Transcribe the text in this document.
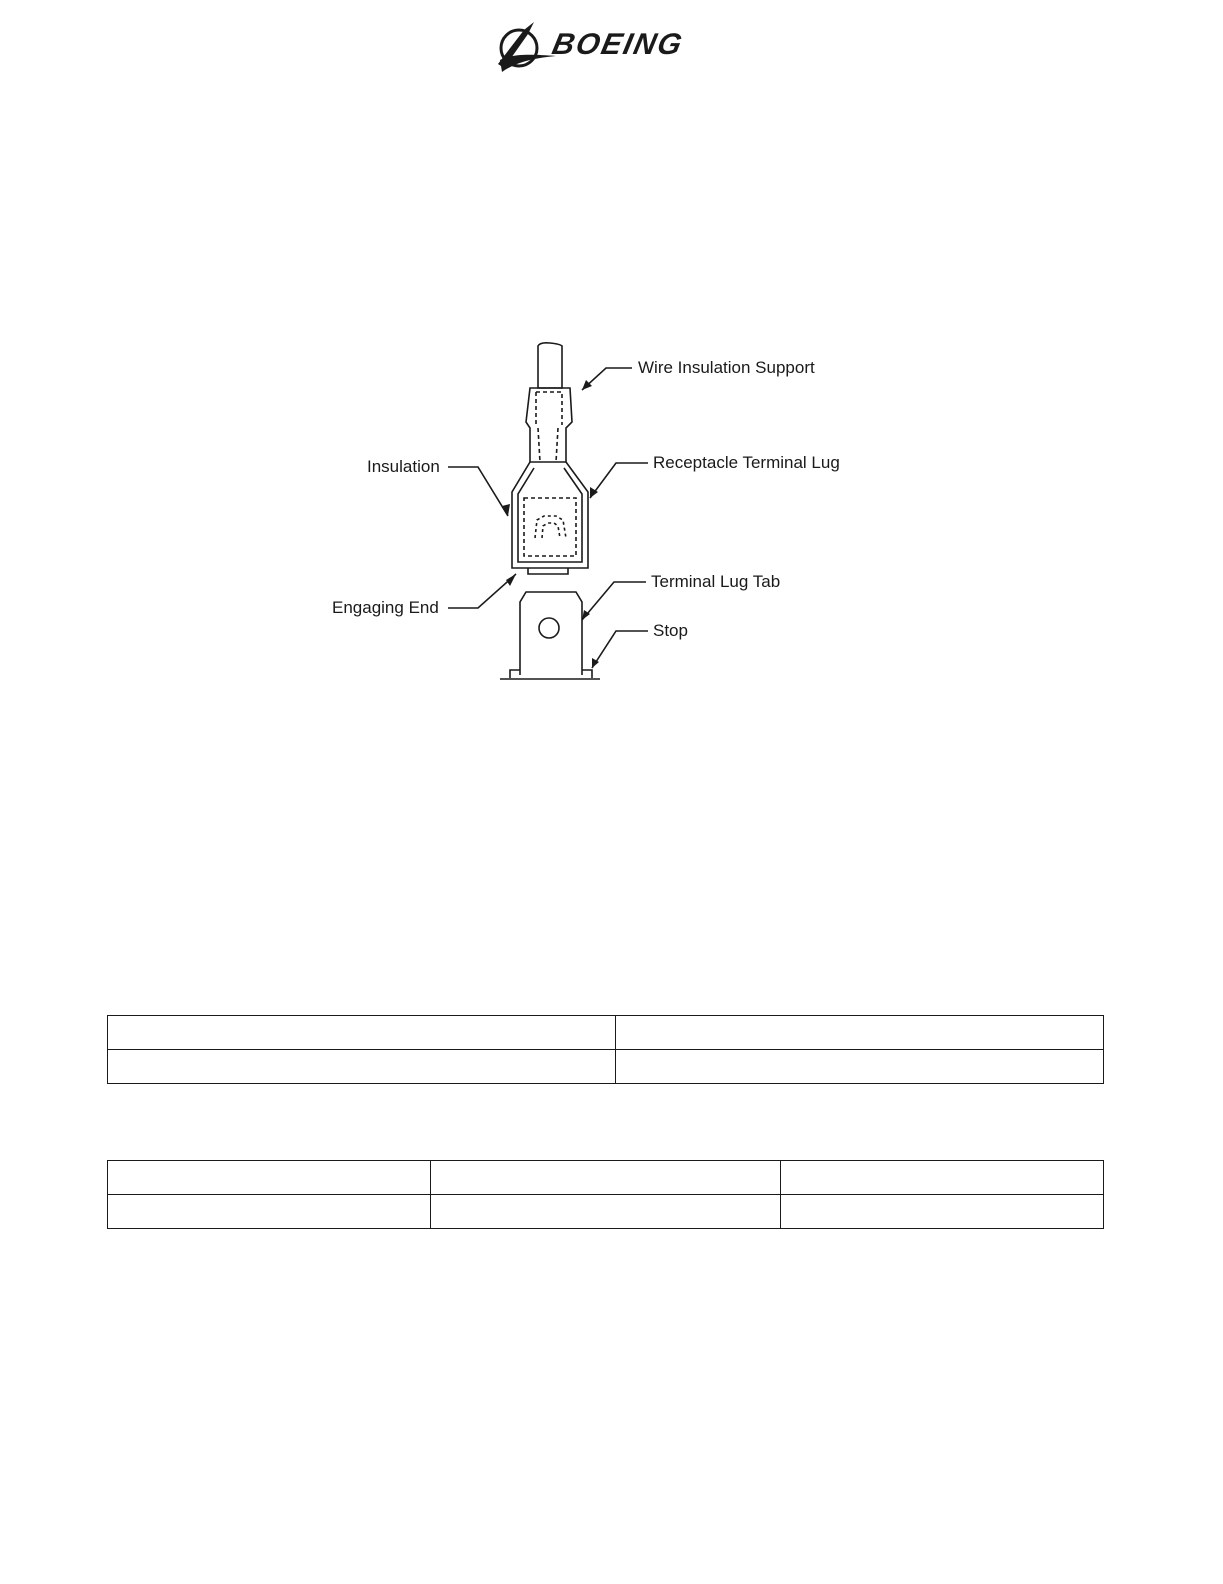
BOEING
Wire Insulation Support
Insulation	Receptacle Terminal Lug
Engaging End
Terminal Lug Tab
Stop
